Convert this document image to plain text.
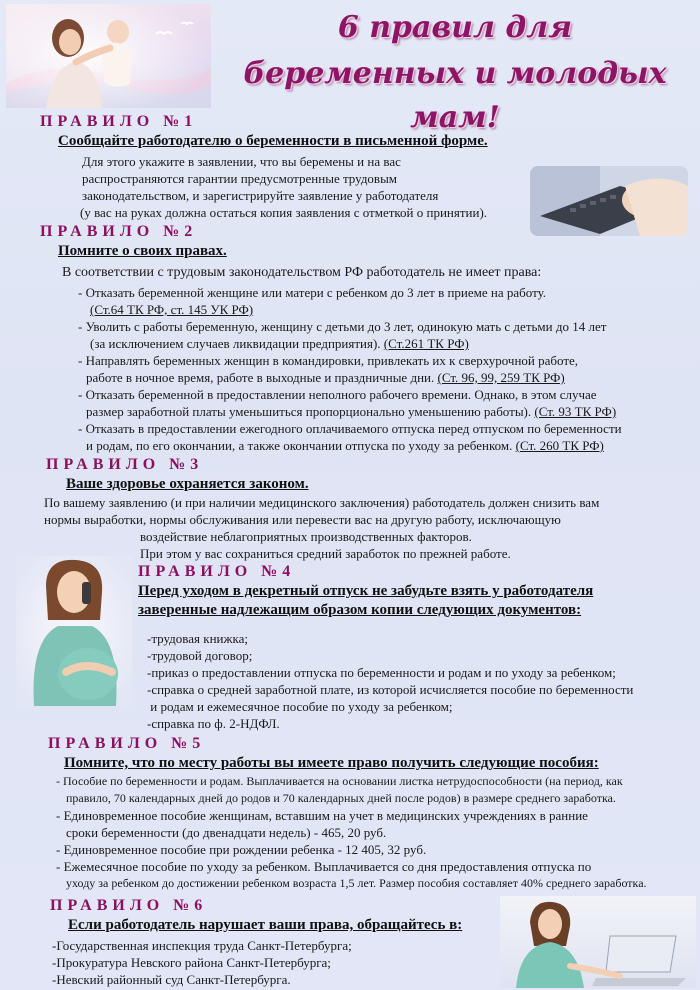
6 правил для
беременных и молодых мам!
ПРАВИЛО №1
Сообщайте работодателю о беременности в письменной форме.
Для этого укажите в заявлении, что вы беремены и на вас
распространяются гарантии предусмотренные трудовым
законодательством, и зарегистрируйте заявление у работодателя
(у вас на руках должна остаться копия заявления с отметкой о принятии).
ПРАВИЛО №2
Помните о своих правах.
В соответствии с трудовым законодательством РФ работодатель не имеет права:
- Отказать беременной женщине или матери с ребенком до 3 лет в приеме на работу.
(Ст.64 ТК РФ, ст. 145 УК РФ)
- Уволить с работы беременную, женщину с детьми до 3 лет, одинокую мать с детьми до 14 лет
(за исключением случаев ликвидации предприятия). (Ст.261 ТК РФ)
- Направлять беременных женщин в командировки, привлекать их к сверхурочной работе,
работе в ночное время, работе в выходные и праздничные дни. (Ст. 96, 99, 259 ТК РФ)
- Отказать беременной в предоставлении неполного рабочего времени. Однако, в этом случае
размер заработной платы уменьшиться пропорционально уменьшению работы). (Ст. 93 ТК РФ)
- Отказать в предоставлении ежегодного оплачиваемого отпуска перед отпуском по беременности
и родам, по его окончании, а также окончании отпуска по уходу за ребенком. (Ст. 260 ТК РФ)
ПРАВИЛО №3
Ваше здоровье охраняется законом.
По вашему заявлению (и при наличии медицинского заключения) работодатель должен снизить вам
нормы выработки, нормы обслуживания или перевести вас на другую работу, исключающую
воздействие неблагоприятных производственных факторов.
При этом у вас сохраниться средний заработок по прежней работе.
ПРАВИЛО №4
Перед уходом в декретный отпуск не забудьте взять у работодателя
заверенные надлежащим образом копии следующих документов:
-трудовая книжка;
-трудовой договор;
-приказ о предоставлении отпуска по беременности и родам и по уходу за ребенком;
-справка о средней заработной плате, из которой исчисляется пособие по беременности
и родам и ежемесячное пособие по уходу за ребенком;
-справка по ф. 2-НДФЛ.
ПРАВИЛО №5
Помните, что по месту работы вы имеете право получить следующие пособия:
- Пособие по беременности и родам. Выплачивается на основании листка нетрудоспособности (на период, как
правило, 70 календарных дней до родов и 70 календарных дней после родов) в размере среднего заработка.
- Единовременное пособие женщинам, вставшим на учет в медицинских учреждениях в ранние
сроки беременности (до двенадцати недель) - 465, 20 руб.
- Единовременное пособие при рождении ребенка - 12 405, 32 руб.
- Ежемесячное пособие по уходу за ребенком. Выплачивается со дня предоставления отпуска по
уходу за ребенком до достижении ребенком возраста 1,5 лет. Размер пособия составляет 40% среднего заработка.
ПРАВИЛО №6
Если работодатель нарушает ваши права, обращайтесь в:
-Государственная инспекция труда Санкт-Петербурга;
-Прокуратура Невского района Санкт-Петербурга;
-Невский районный суд Санкт-Петербурга.
